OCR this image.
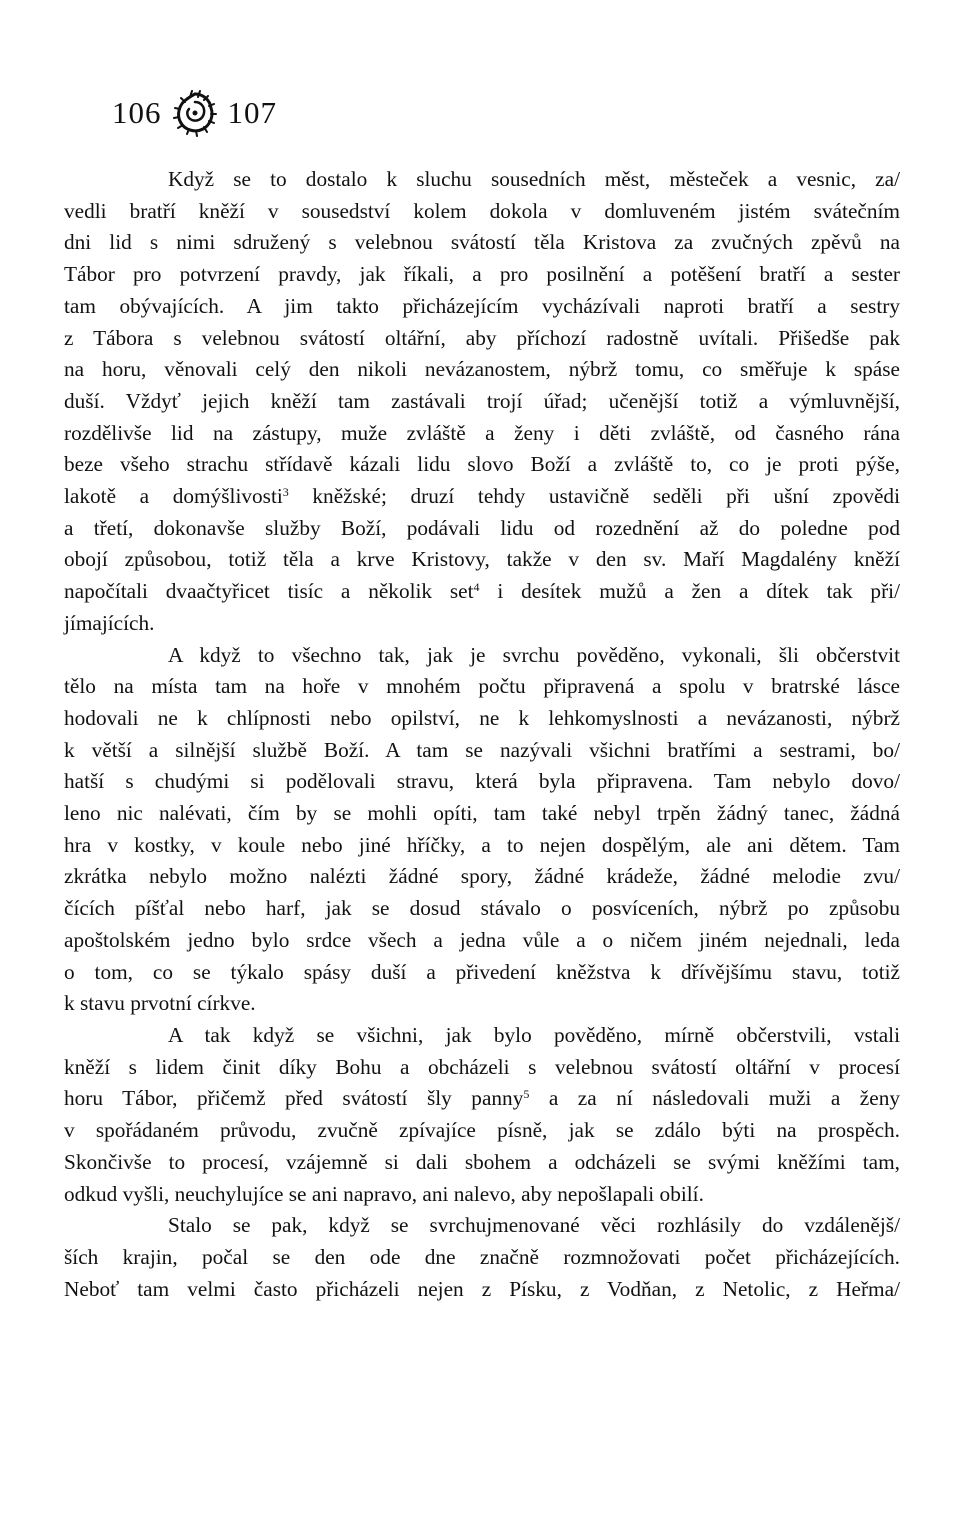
106 107
Když se to dostalo k sluchu sousedních měst, městeček a vesnic, za/
vedli bratří kněží v sousedství kolem dokola v domluveném jistém svátečním
dni lid s nimi sdružený s velebnou svátostí těla Kristova za zvučných zpěvů na
Tábor pro potvrzení pravdy, jak říkali, a pro posilnění a potěšení bratří a sester
tam obývajících. A jim takto přicházejícím vycházívali naproti bratří a sestry
z Tábora s velebnou svátostí oltářní, aby příchozí radostně uvítali. Přišedše pak
na horu, věnovali celý den nikoli nevázanostem, nýbrž tomu, co směřuje k spáse
duší. Vždyť jejich kněží tam zastávali trojí úřad; učenější totiž a výmluvnější,
rozdělivše lid na zástupy, muže zvláště a ženy i děti zvláště, od časného rána
beze všeho strachu střídavě kázali lidu slovo Boží a zvláště to, co je proti pýše,
lakotě a domýšlivosti$^3$ kněžské; druzí tehdy ustavičně seděli při ušní zpovědi
a třetí, dokonavše služby Boží, podávali lidu od rozednění až do poledne pod
obojí způsobou, totiž těla a krve Kristovy, takže v den sv. Maří Magdalény kněží
napočítali dvaačtyřicet tisíc a několik set$^4$ i desítek mužů a žen a dítek tak při/
jímajících.
A když to všechno tak, jak je svrchu pověděno, vykonali, šli občerstvit
tělo na místa tam na hoře v mnohém počtu připravená a spolu v bratrské lásce
hodovali ne k chlípnosti nebo opilství, ne k lehkomyslnosti a nevázanosti, nýbrž
k větší a silnější službě Boží. A tam se nazývali všichni bratřími a sestrami, bo/
hatší s chudými si podělovali stravu, která byla připravena. Tam nebylo dovo/
leno nic nalévati, čím by se mohli opíti, tam také nebyl trpěn žádný tanec, žádná
hra v kostky, v koule nebo jiné hříčky, a to nejen dospělým, ale ani dětem. Tam
zkrátka nebylo možno nalézti žádné spory, žádné krádeže, žádné melodie zvu/
čících píšťal nebo harf, jak se dosud stávalo o posvíceních, nýbrž po způsobu
apoštolském jedno bylo srdce všech a jedna vůle a o ničem jiném nejednali, leda
o tom, co se týkalo spásy duší a přivedení kněžstva k dřívějšímu stavu, totiž
k stavu prvotní církve.
A tak když se všichni, jak bylo pověděno, mírně občerstvili, vstali
kněží s lidem činit díky Bohu a obcházeli s velebnou svátostí oltářní v procesí
horu Tábor, přičemž před svátostí šly panny$^5$ a za ní následovali muži a ženy
v spořádaném průvodu, zvučně zpívajíce písně, jak se zdálo býti na prospěch.
Skončivše to procesí, vzájemně si dali sbohem a odcházeli se svými kněžími tam,
odkud vyšli, neuchylujíce se ani napravo, ani nalevo, aby nepošlapali obilí.
Stalo se pak, když se svrchujmenované věci rozhlásily do vzdálenějš/
ších krajin, počal se den ode dne značně rozmnožovati počet přicházejících.
Neboť tam velmi často přicházeli nejen z Písku, z Vodňan, z Netolic, z Heřma/
